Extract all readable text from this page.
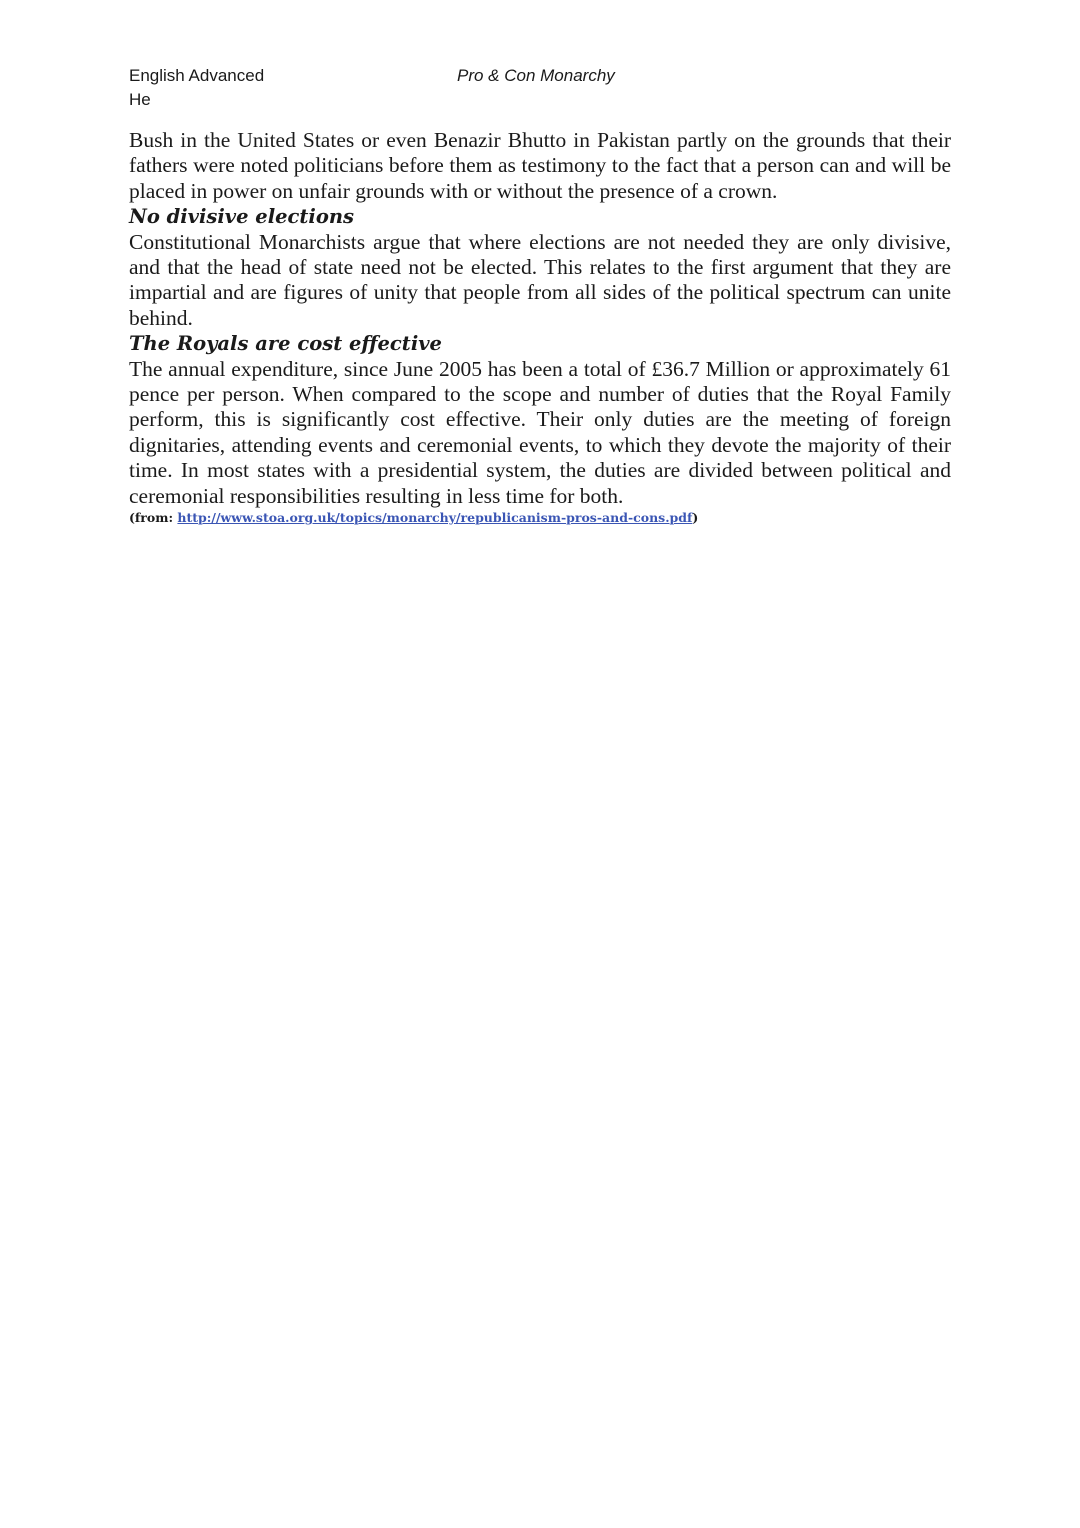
English Advanced
He
Pro & Con Monarchy

Bush in the United States or even Benazir Bhutto in Pakistan partly on the grounds that their fathers were noted politicians before them as testimony to the fact that a person can and will be placed in power on unfair grounds with or without the presence of a crown.

No divisive elections

Constitutional Monarchists argue that where elections are not needed they are only divisive, and that the head of state need not be elected. This relates to the first argument that they are impartial and are figures of unity that people from all sides of the political spectrum can unite behind.

The Royals are cost effective

The annual expenditure, since June 2005 has been a total of £36.7 Million or approximately 61 pence per person. When compared to the scope and number of duties that the Royal Family perform, this is significantly cost effective. Their only duties are the meeting of foreign dignitaries, attending events and ceremonial events, to which they devote the majority of their time. In most states with a presidential system, the duties are divided between political and ceremonial responsibilities resulting in less time for both.

(from: http://www.stoa.org.uk/topics/monarchy/republicanism-pros-and-cons.pdf)
